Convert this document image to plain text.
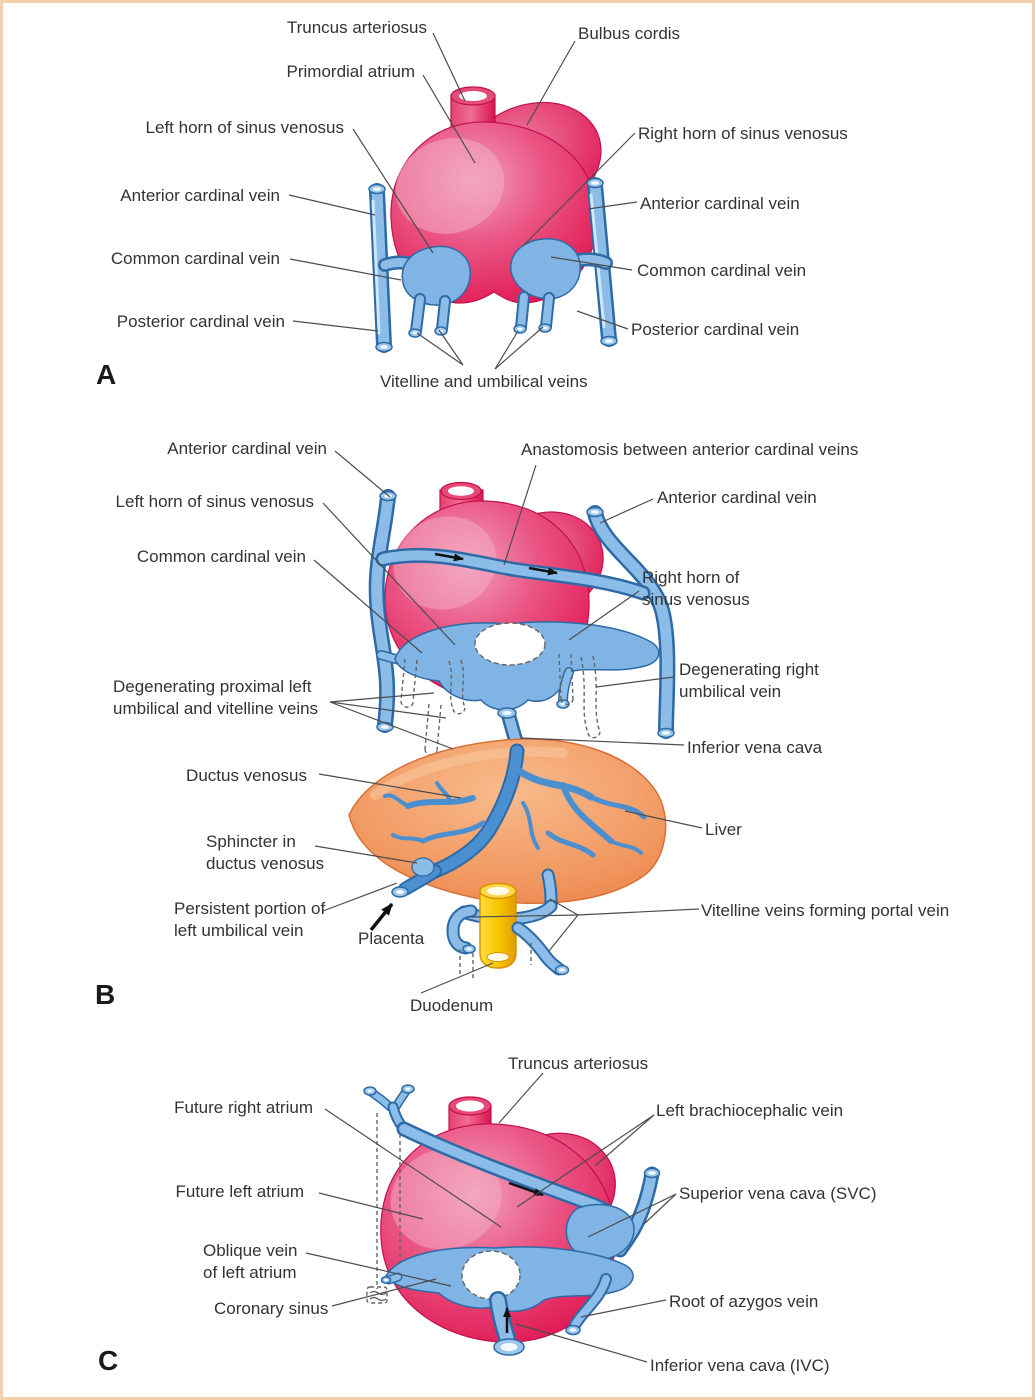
Truncus arteriosus	Bulbus cordis
Primordial atrium
Left horn of sinus venosus	Right horn of sinus venosus
Anterior cardinal vein	Anterior cardinal vein
Common cardinal vein
Common cardinal vein
Posterior cardinal vein	Posterior cardinal vein
Vitelline and umbilical veins
A
Anterior cardinal vein	Anastomosis between anterior cardinal veins
Left horn of sinus venosus	Anterior cardinal vein
Common cardinal vein
Right horn of sinus venosus
Degenerating proximal left umbilical and vitelline veins
Degenerating right umbilical vein
Inferior vena cava
Ductus venosus
Liver
Sphincter in ductus venosus
Persistent portion of left umbilical vein	Placenta
Vitelline veins forming portal vein
Duodenum
B
Truncus arteriosus
Future right atrium	Left brachiocephalic vein
Future left atrium	Superior vena cava (SVC)
Oblique vein of left atrium
Coronary sinus	Root of azygos vein
Inferior vena cava (IVC)
C
